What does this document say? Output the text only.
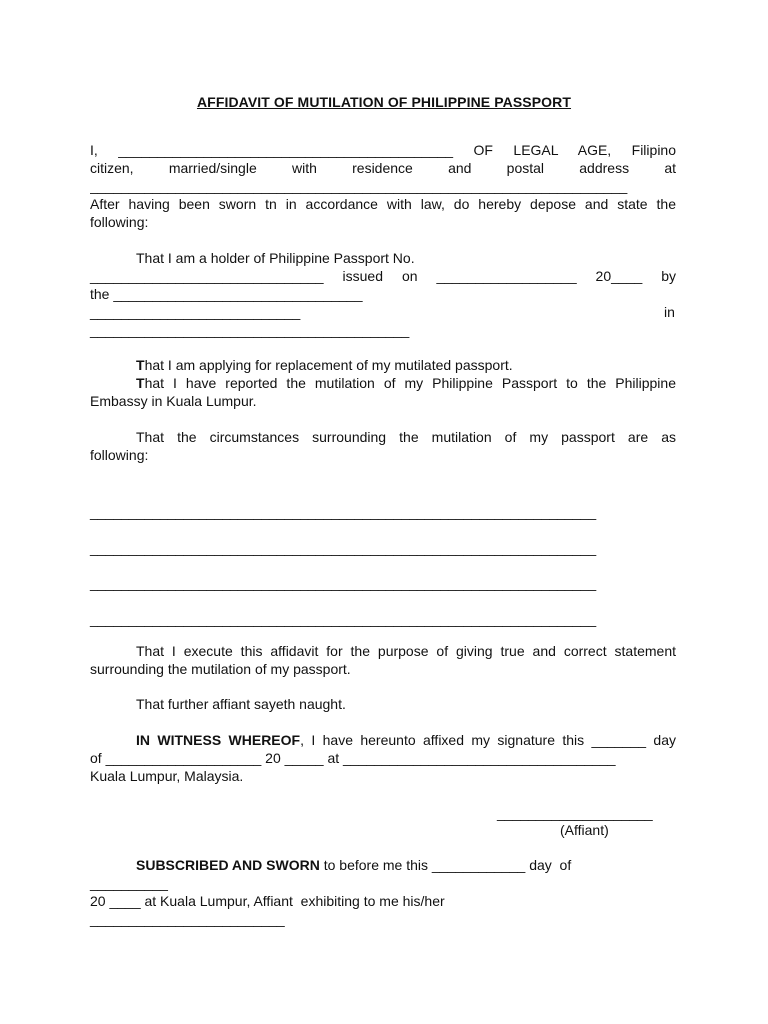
AFFIDAVIT OF MUTILATION OF PHILIPPINE PASSPORT
I, ___________________________________________ OF LEGAL AGE, Filipino
citizen, married/single with residence and postal address at
_____________________________________________________________________
After having been sworn tn in accordance with law, do hereby depose and state the
following:
That I am a holder of Philippine Passport No.
______________________________ issued on __________________ 20____ by
the ________________________________
___________________________	in
_________________________________________
That I am applying for replacement of my mutilated passport.
That I have reported the mutilation of my Philippine Passport to the Philippine
Embassy in Kuala Lumpur.
That the circumstances surrounding the mutilation of my passport are as
following:
_________________________________________________________________
_________________________________________________________________
_________________________________________________________________
_________________________________________________________________
That I execute this affidavit for the purpose of giving true and correct statement
surrounding the mutilation of my passport.
That further affiant sayeth naught.
IN WITNESS WHEREOF, I have hereunto affixed my signature this _______ day
of ____________________ 20 _____ at ___________________________________
Kuala Lumpur, Malaysia.
____________________
(Affiant)
SUBSCRIBED AND SWORN to before me this ____________ day  of
__________
20 ____ at Kuala Lumpur, Affiant  exhibiting to me his/her
_________________________
